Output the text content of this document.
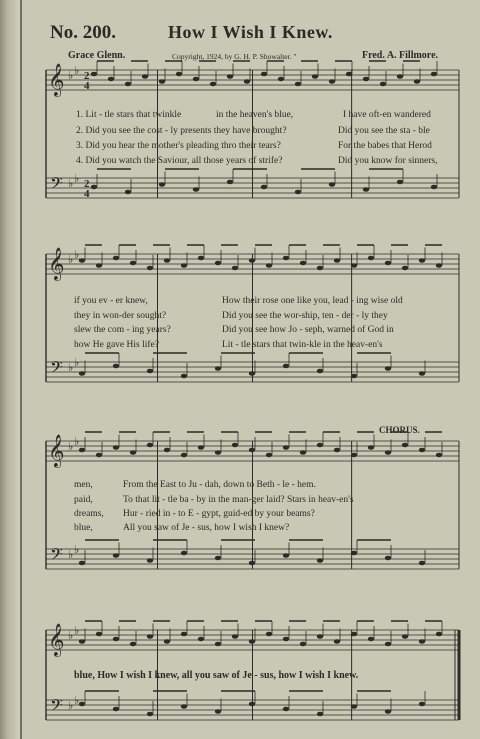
No. 200.	How I Wish I Knew.
Grace Glenn.	Copyright, 1924, by G. H. P. Showalter. "	Fred. A. Fillmore.
1. Lit - tle stars that twinkle	in the heaven's blue,
2. Did you see the cost - ly presents they have brought?
3. Did you hear the mother's pleading thro their tears?
4. Did you watch the Saviour, all those years of strife?
I have oft-en wandered
Did you see the sta - ble
For the babes that Herod
Did you know for sinners,
if you ev - er knew,
they in won-der sought?
slew the com - ing years?
how He gave His life?
How their rose one like you, lead - ing wise old
Did you see the wor-ship, ten - der - ly they
Did you see how Jo - seph, warned of God in
Lit - tle stars that twin-kle in the heav-en's
CHORUS.
men,
paid,
dreams,
blue,
From the East to Ju - dah, down to Beth - le - hem.
To that lit - tle ba - by in the man-ger laid? Stars in heav-en's
Hur - ried in - to E - gypt, guid-ed by your beams?
All you saw of Je - sus, how I wish I knew?
blue, How I wish I knew, all you saw of Je - sus, how I wish I knew.
𝄞
𝄢
♭ ♭
♭ ♭
2
4
2
4
𝄞
𝄢
♭ ♭
♭ ♭
𝄞
𝄢
♭ ♭
♭ ♭
𝄞
𝄢
♭ ♭
♭ ♭
